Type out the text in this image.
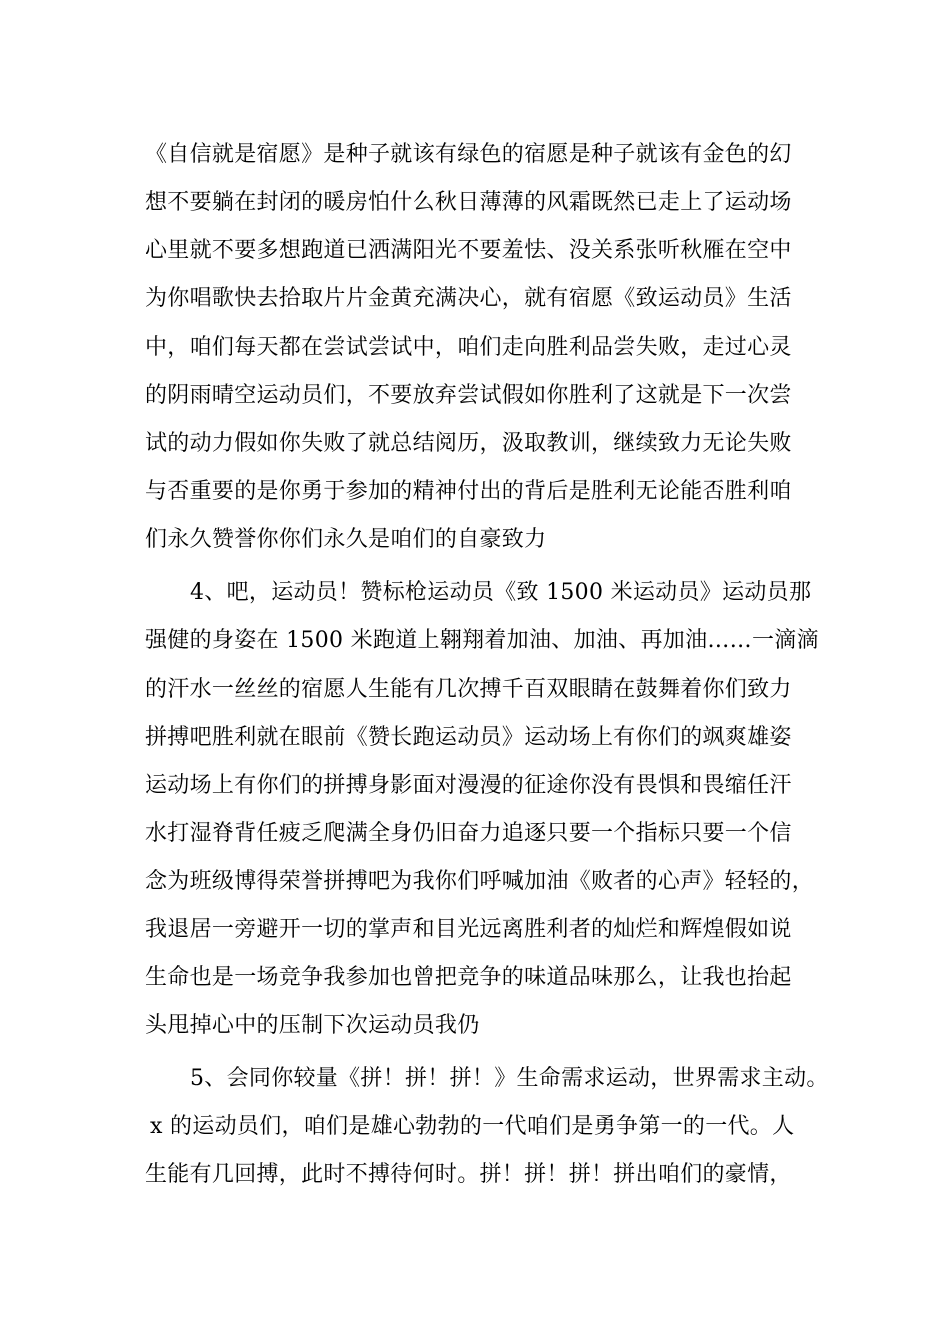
《自信就是宿愿》是种子就该有绿色的宿愿是种子就该有金色的幻
想不要躺在封闭的暖房怕什么秋日薄薄的风霜既然已走上了运动场
心里就不要多想跑道已洒满阳光不要羞怯、没关系张听秋雁在空中
为你唱歌快去拾取片片金黄充满决心，就有宿愿《致运动员》生活
中，咱们每天都在尝试尝试中，咱们走向胜利品尝失败，走过心灵
的阴雨晴空运动员们，不要放弃尝试假如你胜利了这就是下一次尝
试的动力假如你失败了就总结阅历，汲取教训，继续致力无论失败
与否重要的是你勇于参加的精神付出的背后是胜利无论能否胜利咱
们永久赞誉你你们永久是咱们的自豪致力
4、吧，运动员！赞标枪运动员《致 1500 米运动员》运动员那
强健的身姿在 1500 米跑道上翱翔着加油、加油、再加油……一滴滴
的汗水一丝丝的宿愿人生能有几次搏千百双眼睛在鼓舞着你们致力
拼搏吧胜利就在眼前《赞长跑运动员》运动场上有你们的飒爽雄姿
运动场上有你们的拼搏身影面对漫漫的征途你没有畏惧和畏缩任汗
水打湿脊背任疲乏爬满全身仍旧奋力追逐只要一个指标只要一个信
念为班级博得荣誉拼搏吧为我你们呼喊加油《败者的心声》轻轻的，
我退居一旁避开一切的掌声和目光远离胜利者的灿烂和辉煌假如说
生命也是一场竞争我参加也曾把竞争的味道品味那么，让我也抬起
头甩掉心中的压制下次运动员我仍
5、会同你较量《拼！拼！拼！》生命需求运动，世界需求主动。
x 的运动员们，咱们是雄心勃勃的一代咱们是勇争第一的一代。人
生能有几回搏，此时不搏待何时。拼！拼！拼！拼出咱们的豪情，
